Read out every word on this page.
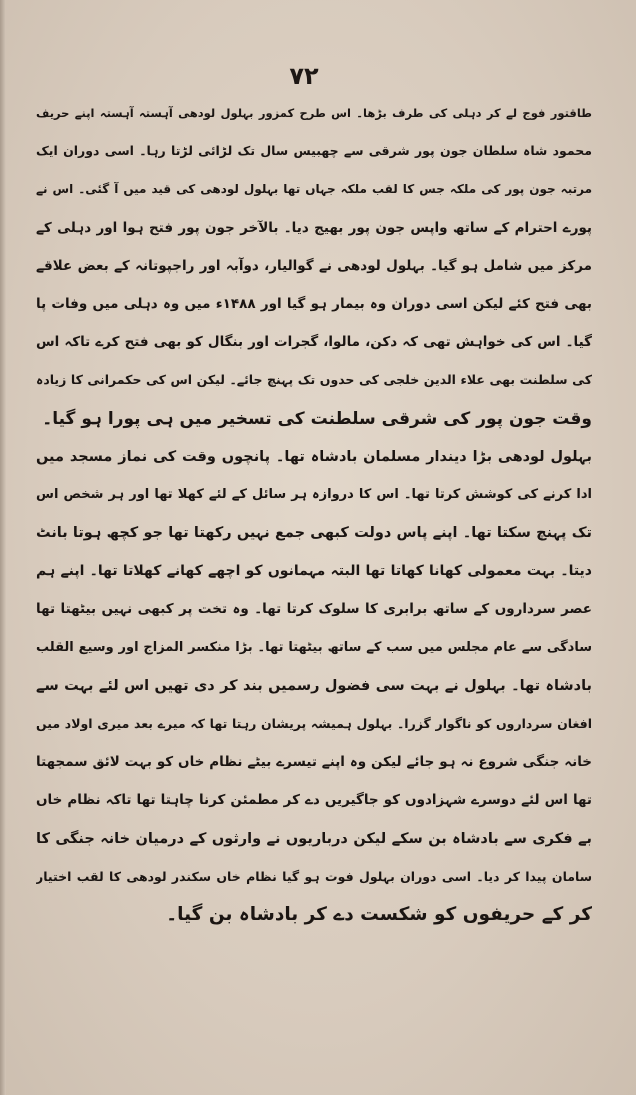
۷۲
طاقتور فوج لے کر دہلی کی طرف بڑھا۔ اس طرح کمزور بہلول لودھی آہستہ آہستہ اپنے حریف
محمود شاہ سلطان جون پور شرقی سے چھبیس سال تک لڑائی لڑتا رہا۔ اسی دوران ایک
مرتبہ جون پور کی ملکہ جس کا لقب ملکہ جہاں تھا بہلول لودھی کی قید میں آ گئی۔ اس نے
پورے احترام کے ساتھ واپس جون پور بھیج دیا۔ بالآخر جون پور فتح ہوا اور دہلی کے
مرکز میں شامل ہو گیا۔ بہلول لودھی نے گوالیار، دوآبہ اور راجپوتانہ کے بعض علاقے
بھی فتح کئے لیکن اسی دوران وہ بیمار ہو گیا اور ۱۴۸۸ء میں وہ دہلی میں وفات پا
گیا۔ اس کی خواہش تھی کہ دکن، مالوا، گجرات اور بنگال کو بھی فتح کرے تاکہ اس
کی سلطنت بھی علاء الدین خلجی کی حدوں تک پہنچ جائے۔ لیکن اس کی حکمرانی کا زیادہ
وقت جون پور کی شرقی سلطنت کی تسخیر میں ہی پورا ہو گیا۔
بہلول لودھی بڑا دیندار مسلمان بادشاہ تھا۔ پانچوں وقت کی نماز مسجد میں
ادا کرنے کی کوشش کرتا تھا۔ اس کا دروازہ ہر سائل کے لئے کھلا تھا اور ہر شخص اس
تک پہنچ سکتا تھا۔ اپنے پاس دولت کبھی جمع نہیں رکھتا تھا جو کچھ ہوتا بانٹ
دیتا۔ بہت معمولی کھانا کھاتا تھا البتہ مہمانوں کو اچھے کھانے کھلاتا تھا۔ اپنے ہم
عصر سرداروں کے ساتھ برابری کا سلوک کرتا تھا۔ وہ تخت پر کبھی نہیں بیٹھتا تھا
سادگی سے عام مجلس میں سب کے ساتھ بیٹھتا تھا۔ بڑا منکسر المزاج اور وسیع القلب
بادشاہ تھا۔ بہلول نے بہت سی فضول رسمیں بند کر دی تھیں اس لئے بہت سے
افغان سرداروں کو ناگوار گزرا۔ بہلول ہمیشہ پریشان رہتا تھا کہ میرے بعد میری اولاد میں
خانہ جنگی شروع نہ ہو جائے لیکن وہ اپنے تیسرے بیٹے نظام خاں کو بہت لائق سمجھتا
تھا اس لئے دوسرے شہزادوں کو جاگیریں دے کر مطمئن کرنا چاہتا تھا تاکہ نظام خاں
بے فکری سے بادشاہ بن سکے لیکن درباریوں نے وارثوں کے درمیان خانہ جنگی کا
سامان پیدا کر دیا۔ اسی دوران بہلول فوت ہو گیا نظام خاں سکندر لودھی کا لقب اختیار
کر کے حریفوں کو شکست دے کر بادشاہ بن گیا۔
